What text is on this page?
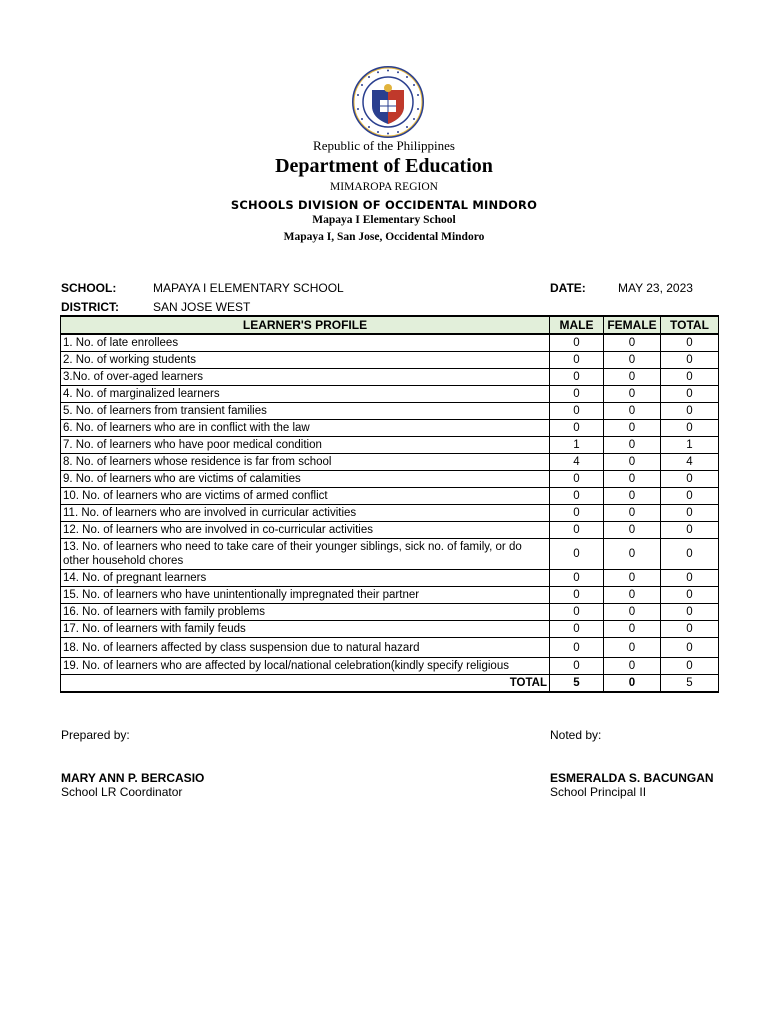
Republic of the Philippines
Department of Education
MIMAROPA REGION
SCHOOLS DIVISION OF OCCIDENTAL MINDORO
Mapaya I Elementary School
Mapaya I, San Jose, Occidental Mindoro
SCHOOL:	MAPAYA I ELEMENTARY SCHOOL	DATE:	MAY 23, 2023
DISTRICT:	SAN JOSE WEST
LEARNER'S PROFILE	MALE	FEMALE	TOTAL
1. No. of late enrollees	0	0	0
2. No. of working students	0	0	0
3.No. of over-aged learners	0	0	0
4. No. of marginalized learners	0	0	0
5. No. of learners from transient families	0	0	0
6. No. of learners who are in conflict with the law	0	0	0
7. No. of learners who have poor medical condition	1	0	1
8. No. of learners whose residence is far from school	4	0	4
9. No. of learners who are victims of calamities	0	0	0
10. No. of learners who are victims of armed conflict	0	0	0
11. No. of learners who are involved in curricular activities	0	0	0
12. No. of learners who are involved in co-curricular activities	0	0	0
13. No. of learners who need to take care of their younger siblings, sick no. of family, or do other household chores	0	0	0
14. No. of pregnant learners	0	0	0
15. No. of learners who have unintentionally impregnated their partner	0	0	0
16. No. of learners with family problems	0	0	0
17. No. of learners with family feuds	0	0	0
18. No. of learners affected by class suspension due to natural hazard	0	0	0
19. No. of learners who are affected by local/national celebration(kindly specify religious	0	0	0
TOTAL	5	0	5
Prepared by:
MARY ANN P. BERCASIO
School LR Coordinator
Noted by:
ESMERALDA S. BACUNGAN
School Principal II
